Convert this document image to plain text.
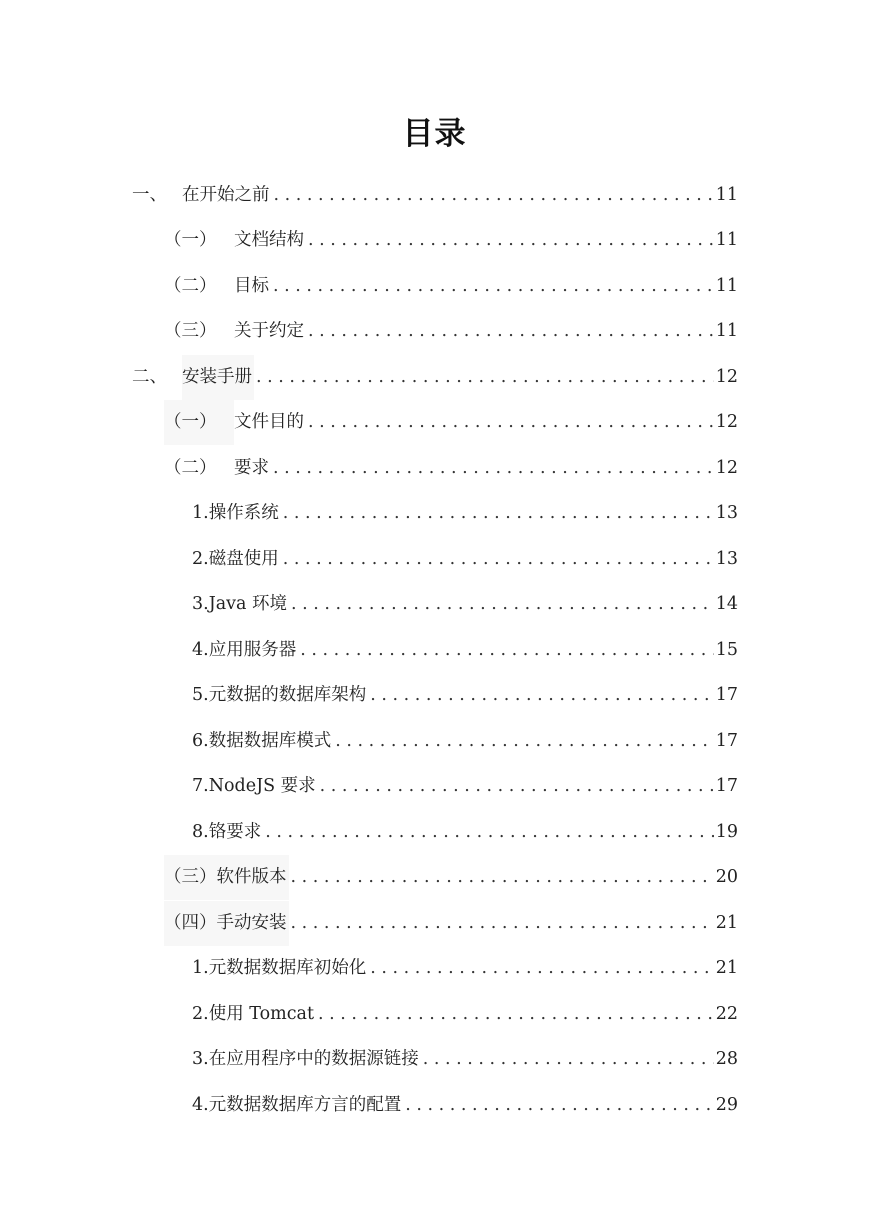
目录
一、 在开始之前 . . .	11
（一）	文档结构 . . .	11
（二）	目标 . . .	11
（三）	关于约定 . . .	11
二、 安装手册 . . .	12
（一）	文件目的 . . .	12
（二）	要求 . . .	12
1.操作系统 . . .	13
2.磁盘使用 . . .	13
3.Java 环境 . . .	14
4.应用服务器 . . .	15
5.元数据的数据库架构 . . .	17
6.数据数据库模式 . . .	17
7.NodeJS 要求 . . .	17
8.铬要求 . . .	19
（三）软件版本 . . .	20
（四）手动安装 . . .	21
1.元数据数据库初始化 . . .	21
2.使用 Tomcat . . .	22
3.在应用程序中的数据源链接 . . .	28
4.元数据数据库方言的配置 . . .	29
